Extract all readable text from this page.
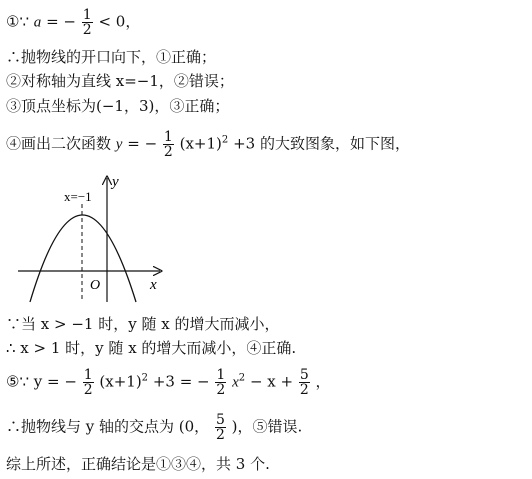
①∵ a = − $\frac{1}{2} < 0$，
∴抛物线的开口向下，①正确；
②对称轴为直线 x=−1，②错误；
③顶点坐标为(−1，3)，③正确；
④画出二次函数 y = − $\frac{1}{2} (x+1)^2 +3$ 的大致图象，如下图，
x
y
O
x=−1
∵当 x > −1 时，y 随 x 的增大而减小，
∴ x > 1 时，y 随 x 的增大而减小，④正确.
⑤∵ y = − $\frac{1}{2} (x+1)^2 +3$ = − $\frac{1}{2} x^2 - x + \frac{5}{2}$ ，
∴抛物线与 y 轴的交点为 (0， $\frac{5}{2}$ )，⑤错误.
综上所述，正确结论是①③④，共 3 个.
